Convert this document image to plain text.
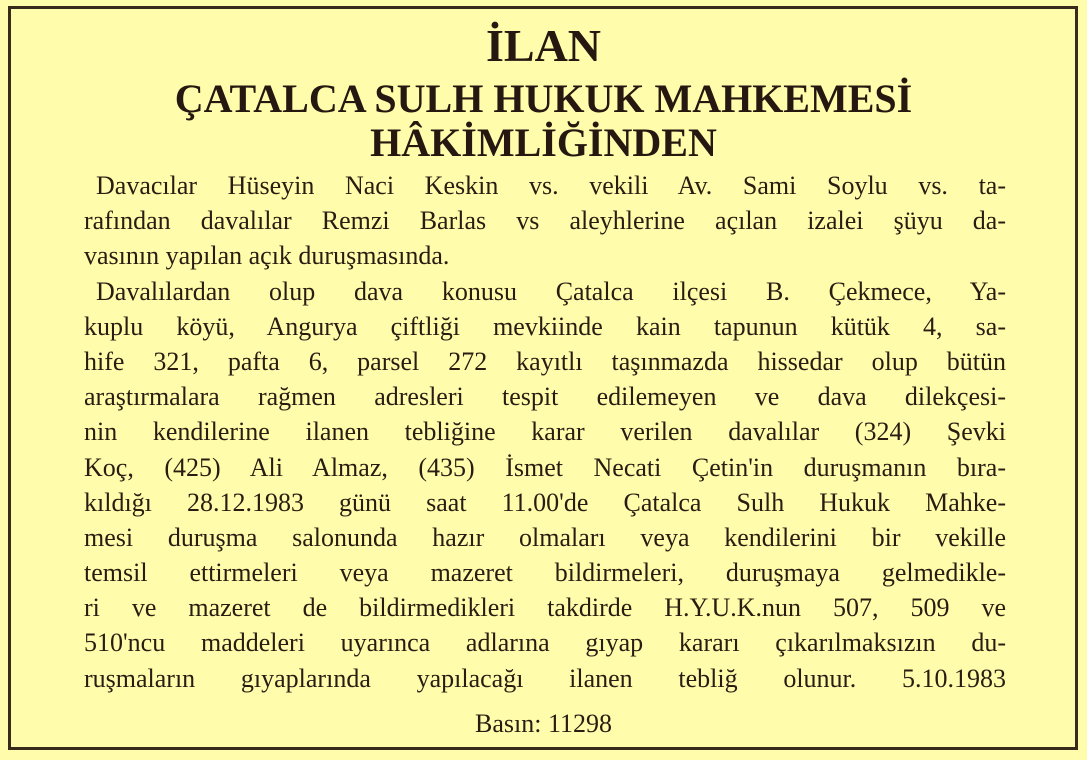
İLAN
ÇATALCA SULH HUKUK MAHKEMESİ
HÂKİMLİĞİNDEN
Davacılar Hüseyin Naci Keskin vs. vekili Av. Sami Soylu vs. ta-
rafından davalılar Remzi Barlas vs aleyhlerine açılan izalei şüyu da-
vasının yapılan açık duruşmasında.
Davalılardan olup dava konusu Çatalca ilçesi B. Çekmece, Ya-
kuplu köyü, Angurya çiftliği mevkiinde kain tapunun kütük 4, sa-
hife 321, pafta 6, parsel 272 kayıtlı taşınmazda hissedar olup bütün
araştırmalara rağmen adresleri tespit edilemeyen ve dava dilekçesi-
nin kendilerine ilanen tebliğine karar verilen davalılar (324) Şevki
Koç, (425) Ali Almaz, (435) İsmet Necati Çetin'in duruşmanın bıra-
kıldığı 28.12.1983 günü saat 11.00'de Çatalca Sulh Hukuk Mahke-
mesi duruşma salonunda hazır olmaları veya kendilerini bir vekille
temsil ettirmeleri veya mazeret bildirmeleri, duruşmaya gelmedikle-
ri ve mazeret de bildirmedikleri takdirde H.Y.U.K.nun 507, 509 ve
510'ncu maddeleri uyarınca adlarına gıyap kararı çıkarılmaksızın du-
ruşmaların gıyaplarında yapılacağı ilanen tebliğ olunur. 5.10.1983
Basın: 11298
